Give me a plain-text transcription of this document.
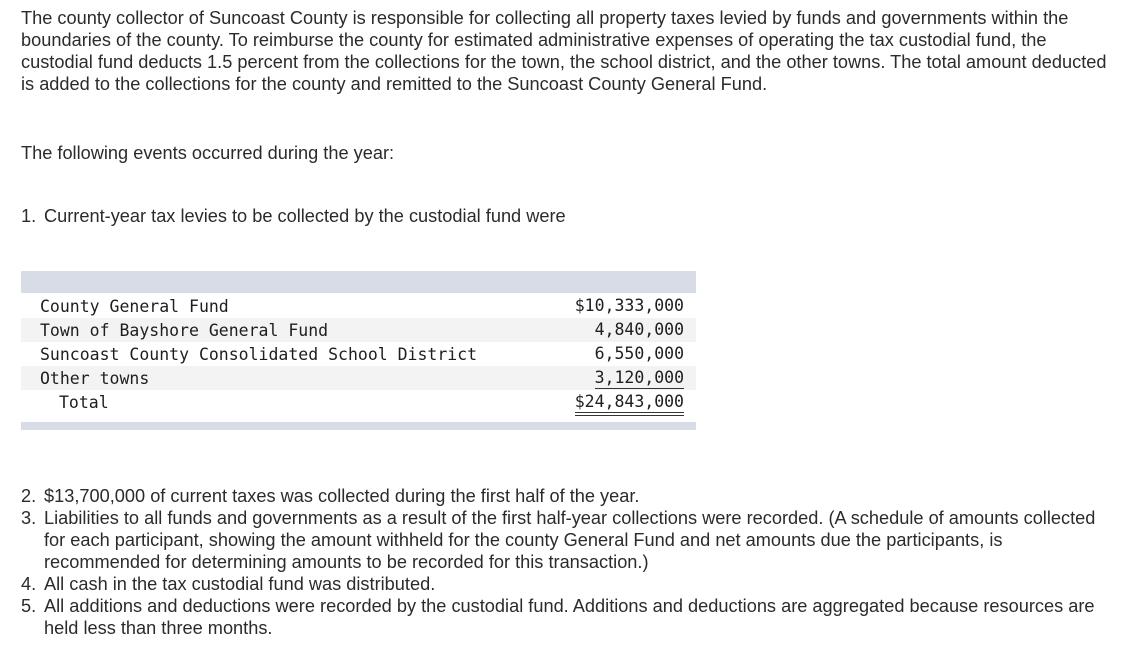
The county collector of Suncoast County is responsible for collecting all property taxes levied by funds and governments within the boundaries of the county. To reimburse the county for estimated administrative expenses of operating the tax custodial fund, the custodial fund deducts 1.5 percent from the collections for the town, the school district, and the other towns. The total amount deducted is added to the collections for the county and remitted to the Suncoast County General Fund.

The following events occurred during the year:

1. Current-year tax levies to be collected by the custodial fund were

County General Fund	$10,333,000
Town of Bayshore General Fund	4,840,000
Suncoast County Consolidated School District	6,550,000
Other towns	3,120,000
Total	$24,843,000
2. $13,700,000 of current taxes was collected during the first half of the year.
3. Liabilities to all funds and governments as a result of the first half-year collections were recorded. (A schedule of amounts collected for each participant, showing the amount withheld for the county General Fund and net amounts due the participants, is recommended for determining amounts to be recorded for this transaction.)
4. All cash in the tax custodial fund was distributed.
5. All additions and deductions were recorded by the custodial fund. Additions and deductions are aggregated because resources are held less than three months.
